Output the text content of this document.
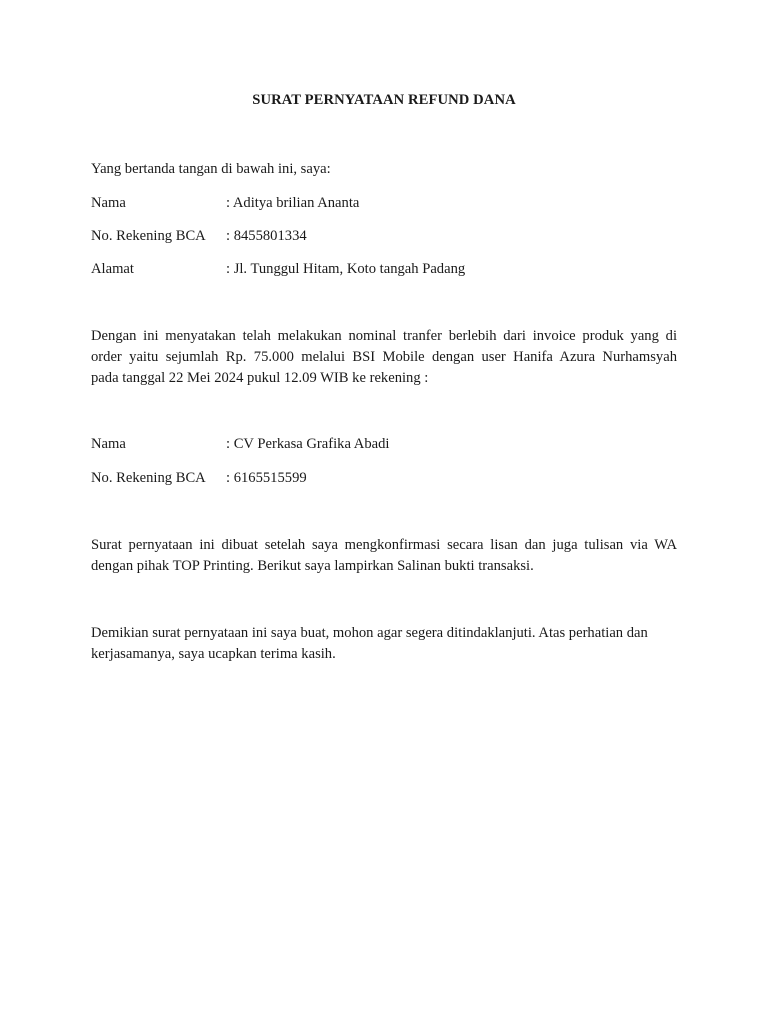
SURAT PERNYATAAN REFUND DANA
Yang bertanda tangan di bawah ini, saya:
Nama	: Aditya brilian Ananta
No. Rekening BCA : 8455801334
Alamat	: Jl. Tunggul Hitam, Koto tangah Padang
Dengan ini menyatakan telah melakukan nominal tranfer berlebih dari invoice produk yang di
order yaitu sejumlah Rp. 75.000 melalui BSI Mobile dengan user Hanifa Azura Nurhamsyah
pada tanggal 22 Mei 2024 pukul 12.09 WIB ke rekening :
Nama	: CV Perkasa Grafika Abadi
No. Rekening BCA : 6165515599
Surat pernyataan ini dibuat setelah saya mengkonfirmasi secara lisan dan juga tulisan via WA
dengan pihak TOP Printing. Berikut saya lampirkan Salinan bukti transaksi.
Demikian surat pernyataan ini saya buat, mohon agar segera ditindaklanjuti. Atas perhatian dan
kerjasamanya, saya ucapkan terima kasih.
